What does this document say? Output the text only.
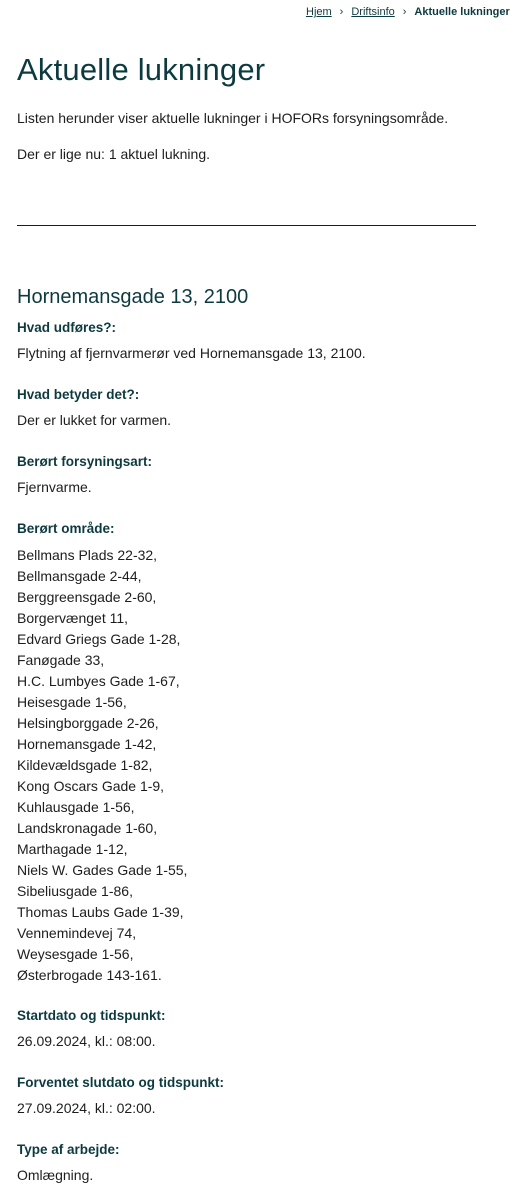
Hjem › Driftsinfo › Aktuelle lukninger
Aktuelle lukninger

Listen herunder viser aktuelle lukninger i HOFORs forsyningsområde.

Der er lige nu: 1 aktuel lukning.

Hornemansgade 13, 2100

Hvad udføres?:

Flytning af fjernvarmerør ved Hornemansgade 13, 2100.

Hvad betyder det?:

Der er lukket for varmen.

Berørt forsyningsart:

Fjernvarme.

Berørt område:

Bellmans Plads 22-32,
Bellmansgade 2-44,
Berggreensgade 2-60,
Borgervænget 11,
Edvard Griegs Gade 1-28,
Fanøgade 33,
H.C. Lumbyes Gade 1-67,
Heisesgade 1-56,
Helsingborggade 2-26,
Hornemansgade 1-42,
Kildevældsgade 1-82,
Kong Oscars Gade 1-9,
Kuhlausgade 1-56,
Landskronagade 1-60,
Marthagade 1-12,
Niels W. Gades Gade 1-55,
Sibeliusgade 1-86,
Thomas Laubs Gade 1-39,
Vennemindevej 74,
Weysesgade 1-56,
Østerbrogade 143-161.

Startdato og tidspunkt:

26.09.2024, kl.: 08:00.

Forventet slutdato og tidspunkt:

27.09.2024, kl.: 02:00.

Type af arbejde:

Omlægning.
